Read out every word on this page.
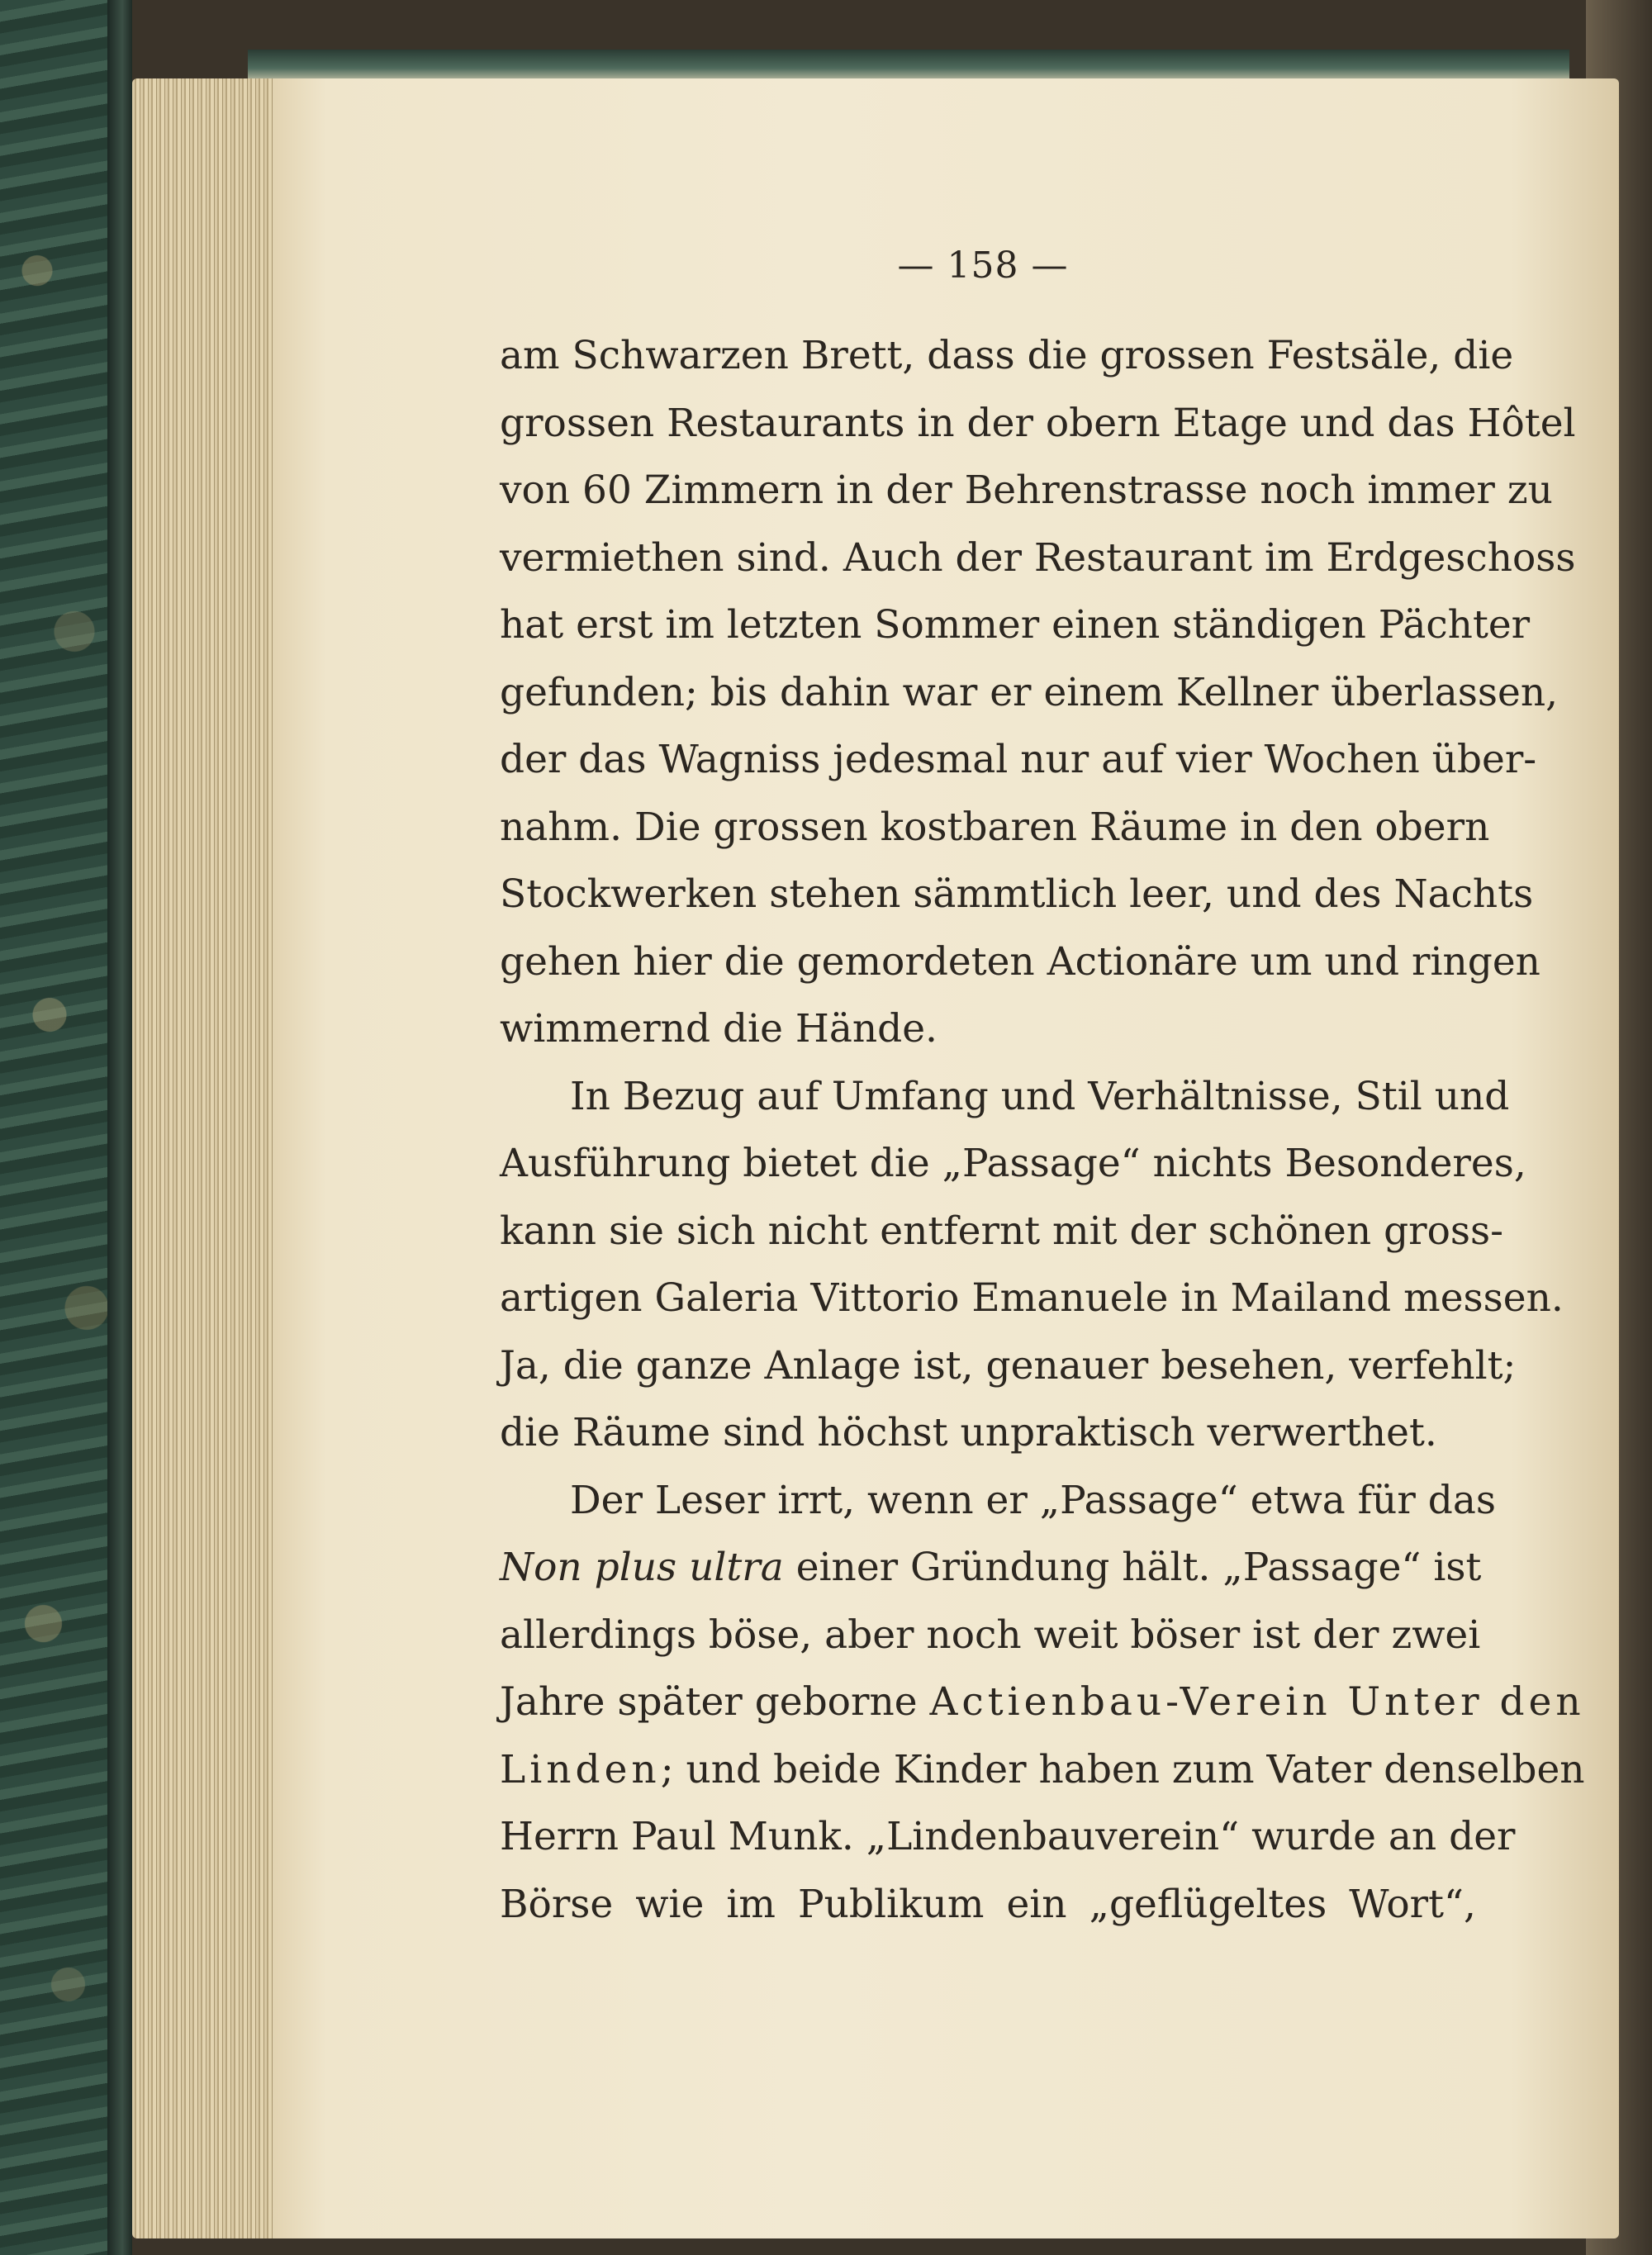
— 158 —
am Schwarzen Brett, dass die grossen Festsäle, die
grossen Restaurants in der obern Etage und das Hôtel
von 60 Zimmern in der Behrenstrasse noch immer zu
vermiethen sind. Auch der Restaurant im Erdgeschoss
hat erst im letzten Sommer einen ständigen Pächter
gefunden; bis dahin war er einem Kellner überlassen,
der das Wagniss jedesmal nur auf vier Wochen über-
nahm. Die grossen kostbaren Räume in den obern
Stockwerken stehen sämmtlich leer, und des Nachts
gehen hier die gemordeten Actionäre um und ringen
wimmernd die Hände.
In Bezug auf Umfang und Verhältnisse, Stil und
Ausführung bietet die „Passage“ nichts Besonderes,
kann sie sich nicht entfernt mit der schönen gross-
artigen Galeria Vittorio Emanuele in Mailand messen.
Ja, die ganze Anlage ist, genauer besehen, verfehlt;
die Räume sind höchst unpraktisch verwerthet.
Der Leser irrt, wenn er „Passage“ etwa für das
Non plus ultra einer Gründung hält. „Passage“ ist
allerdings böse, aber noch weit böser ist der zwei
Jahre später geborne Actienbau-Verein Unter den
Linden; und beide Kinder haben zum Vater denselben
Herrn Paul Munk. „Lindenbauverein“ wurde an der
Börse wie im Publikum ein „geflügeltes Wort“,
